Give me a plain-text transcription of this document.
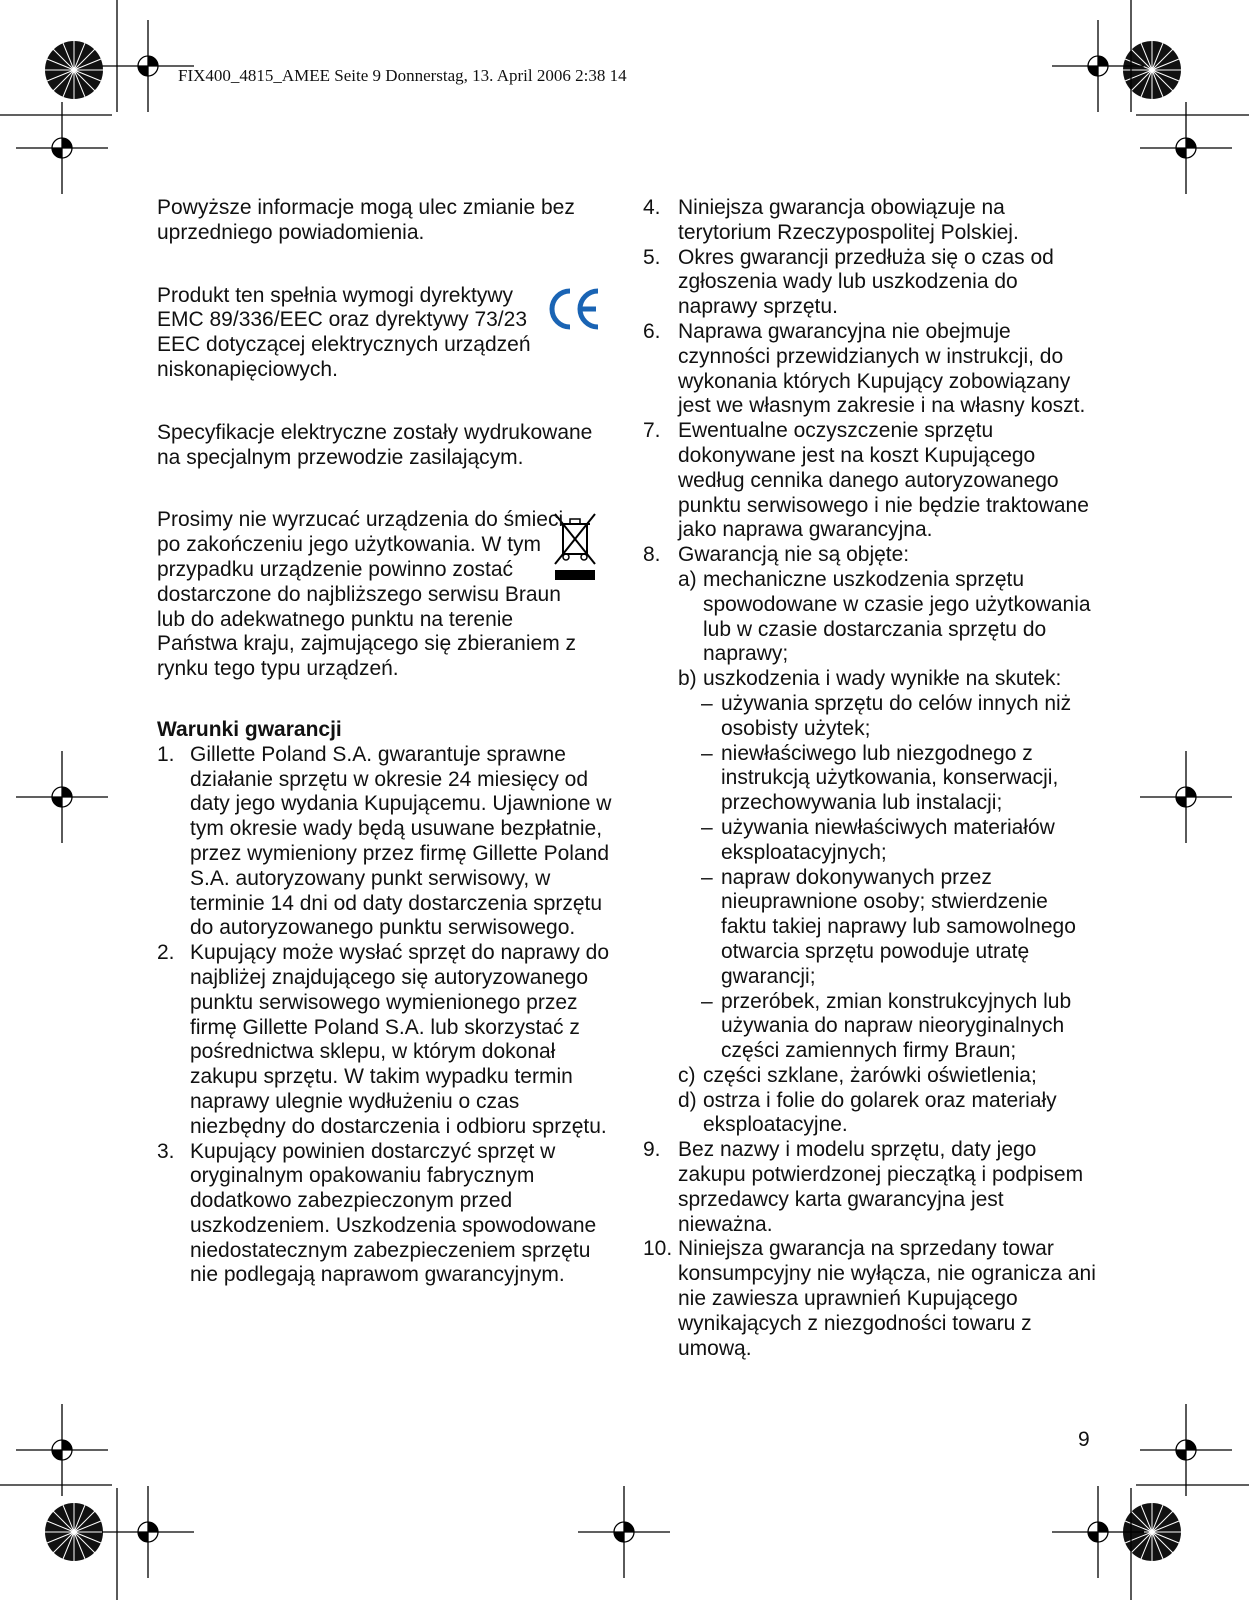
FIX400_4815_AMEE Seite 9 Donnerstag, 13. April 2006 2:38 14

Powyższe informacje mogą ulec zmianie bez uprzedniego powiadomienia.

Produkt ten spełnia wymogi dyrektywy EMC 89/336/EEC oraz dyrektywy 73/23 EEC dotyczącej elektrycznych urządzeń niskonapięciowych.

Specyfikacje elektryczne zostały wydrukowane na specjalnym przewodzie zasilającym.

Prosimy nie wyrzucać urządzenia do śmieci po zakończeniu jego użytkowania. W tym przypadku urządzenie powinno zostać dostarczone do najbliższego serwisu Braun lub do adekwatnego punktu na terenie Państwa kraju, zajmującego się zbieraniem z rynku tego typu urządzeń.

Warunki gwarancji

1. Gillette Poland S.A. gwarantuje sprawne działanie sprzętu w okresie 24 miesięcy od daty jego wydania Kupującemu. Ujawnione w tym okresie wady będą usuwane bezpłatnie, przez wymieniony przez firmę Gillette Poland S.A. autoryzowany punkt serwisowy, w terminie 14 dni od daty dostarczenia sprzętu do autoryzowanego punktu serwisowego.
2. Kupujący może wysłać sprzęt do naprawy do najbliżej znajdującego się autoryzowanego punktu serwisowego wymienionego przez firmę Gillette Poland S.A. lub skorzystać z pośrednictwa sklepu, w którym dokonał zakupu sprzętu. W takim wypadku termin naprawy ulegnie wydłużeniu o czas niezbędny do dostarczenia i odbioru sprzętu.
3. Kupujący powinien dostarczyć sprzęt w oryginalnym opakowaniu fabrycznym dodatkowo zabezpieczonym przed uszkodzeniem. Uszkodzenia spowodowane niedostatecznym zabezpieczeniem sprzętu nie podlegają naprawom gwarancyjnym.
4. Niniejsza gwarancja obowiązuje na terytorium Rzeczypospolitej Polskiej.
5. Okres gwarancji przedłuża się o czas od zgłoszenia wady lub uszkodzenia do naprawy sprzętu.
6. Naprawa gwarancyjna nie obejmuje czynności przewidzianych w instrukcji, do wykonania których Kupujący zobowiązany jest we własnym zakresie i na własny koszt.
7. Ewentualne oczyszczenie sprzętu dokonywane jest na koszt Kupującego według cennika danego autoryzowanego punktu serwisowego i nie będzie traktowane jako naprawa gwarancyjna.
8. Gwarancją nie są objęte:
a) mechaniczne uszkodzenia sprzętu spowodowane w czasie jego użytkowania lub w czasie dostarczania sprzętu do naprawy;
b) uszkodzenia i wady wynikłe na skutek:
– używania sprzętu do celów innych niż osobisty użytek;
– niewłaściwego lub niezgodnego z instrukcją użytkowania, konserwacji, przechowywania lub instalacji;
– używania niewłaściwych materiałów eksploatacyjnych;
– napraw dokonywanych przez nieuprawnione osoby; stwierdzenie faktu takiej naprawy lub samowolnego otwarcia sprzętu powoduje utratę gwarancji;
– przeróbek, zmian konstrukcyjnych lub używania do napraw nieoryginalnych części zamiennych firmy Braun;
c) części szklane, żarówki oświetlenia;
d) ostrza i folie do golarek oraz materiały eksploatacyjne.
9. Bez nazwy i modelu sprzętu, daty jego zakupu potwierdzonej pieczątką i podpisem sprzedawcy karta gwarancyjna jest nieważna.
10. Niniejsza gwarancja na sprzedany towar konsumpcyjny nie wyłącza, nie ogranicza ani nie zawiesza uprawnień Kupującego wynikających z niezgodności towaru z umową.
9
